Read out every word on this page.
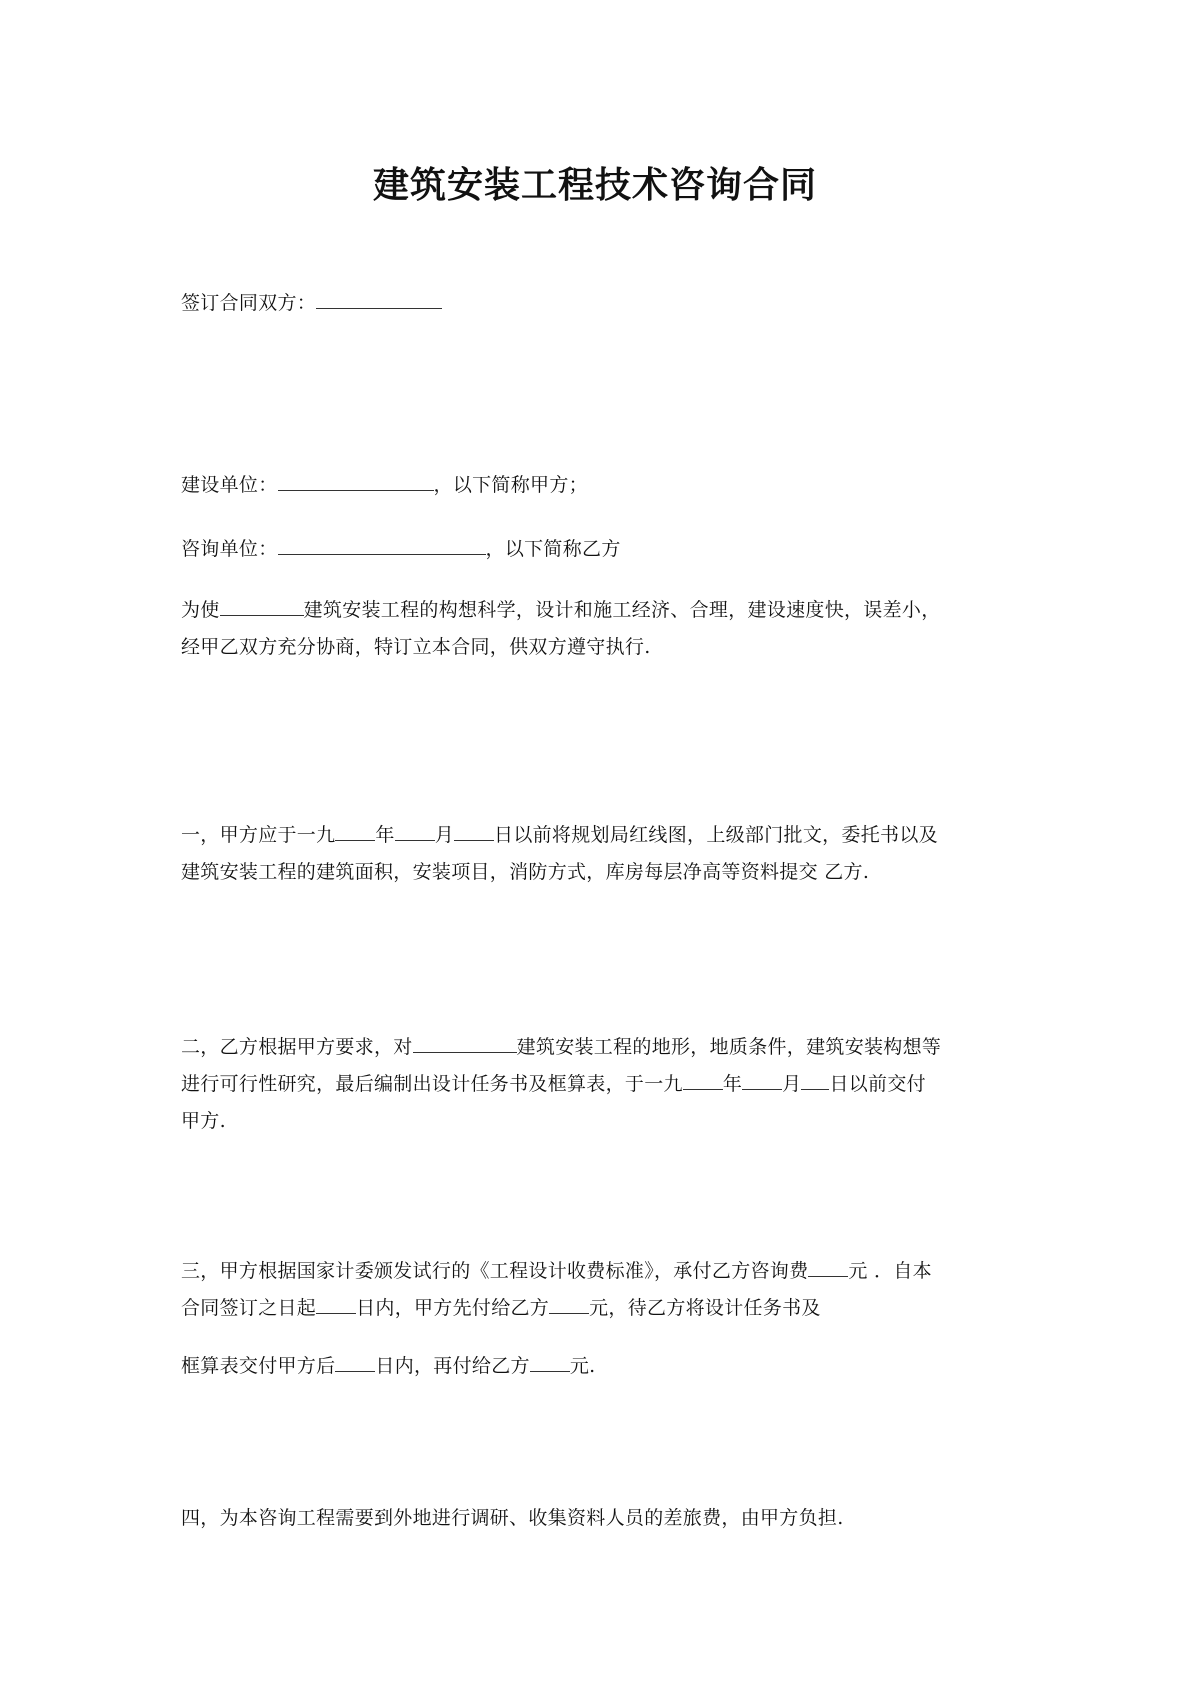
建筑安装工程技术咨询合同
签订合同双方：
建设单位：	，以下简称甲方；
咨询单位：	，以下简称乙方
为使	建筑安装工程的构想科学，设计和施工经济、合理，建设速度快，误差小，
经甲乙双方充分协商，特订立本合同，供双方遵守执行.
一，甲方应于一九 年 月 日以前将规划局红线图，上级部门批文，委托书以及
建筑安装工程的建筑面积，安装项目，消防方式，库房每层净高等资料提交 乙方.
二，乙方根据甲方要求，对	建筑安装工程的地形，地质条件，建筑安装构想等
进行可行性研究，最后编制出设计任务书及框算表，于一九 年 月 日以前交付
甲方.
三，甲方根据国家计委颁发试行的《工程设计收费标准》，承付乙方咨询费 元 ．自本
合同签订之日起 日内，甲方先付给乙方 元，待乙方将设计任务书及
框算表交付甲方后 日内，再付给乙方 元.
四，为本咨询工程需要到外地进行调研、收集资料人员的差旅费，由甲方负担.
